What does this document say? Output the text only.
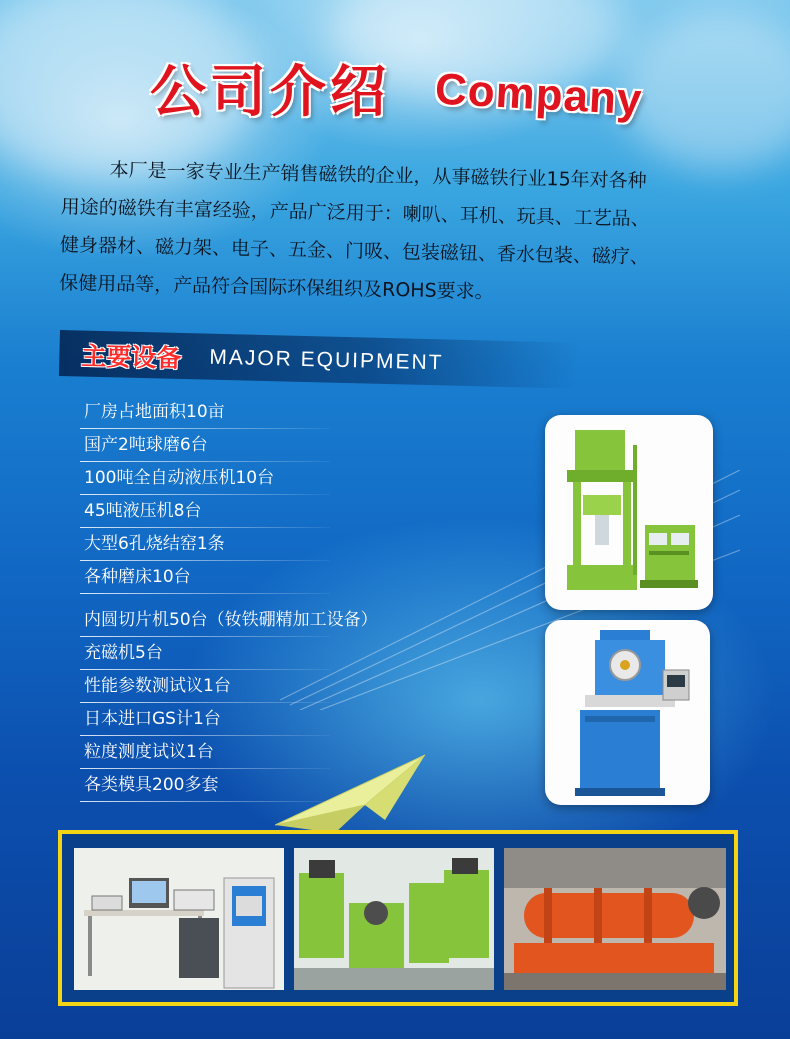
公司介绍 Company
本厂是一家专业生产销售磁铁的企业，从事磁铁行业15年对各种
用途的磁铁有丰富经验，产品广泛用于：喇叭、耳机、玩具、工艺品、
健身器材、磁力架、电子、五金、门吸、包装磁钮、香水包装、磁疗、
保健用品等，产品符合国际环保组织及ROHS要求。
主要设备 MAJOR EQUIPMENT
厂房占地面积10亩
国产2吨球磨6台
100吨全自动液压机10台
45吨液压机8台
大型6孔烧结窑1条
各种磨床10台
内圆切片机50台（钕铁硼精加工设备）
充磁机5台
性能参数测试议1台
日本进口GS计1台
粒度测度试议1台
各类模具200多套
